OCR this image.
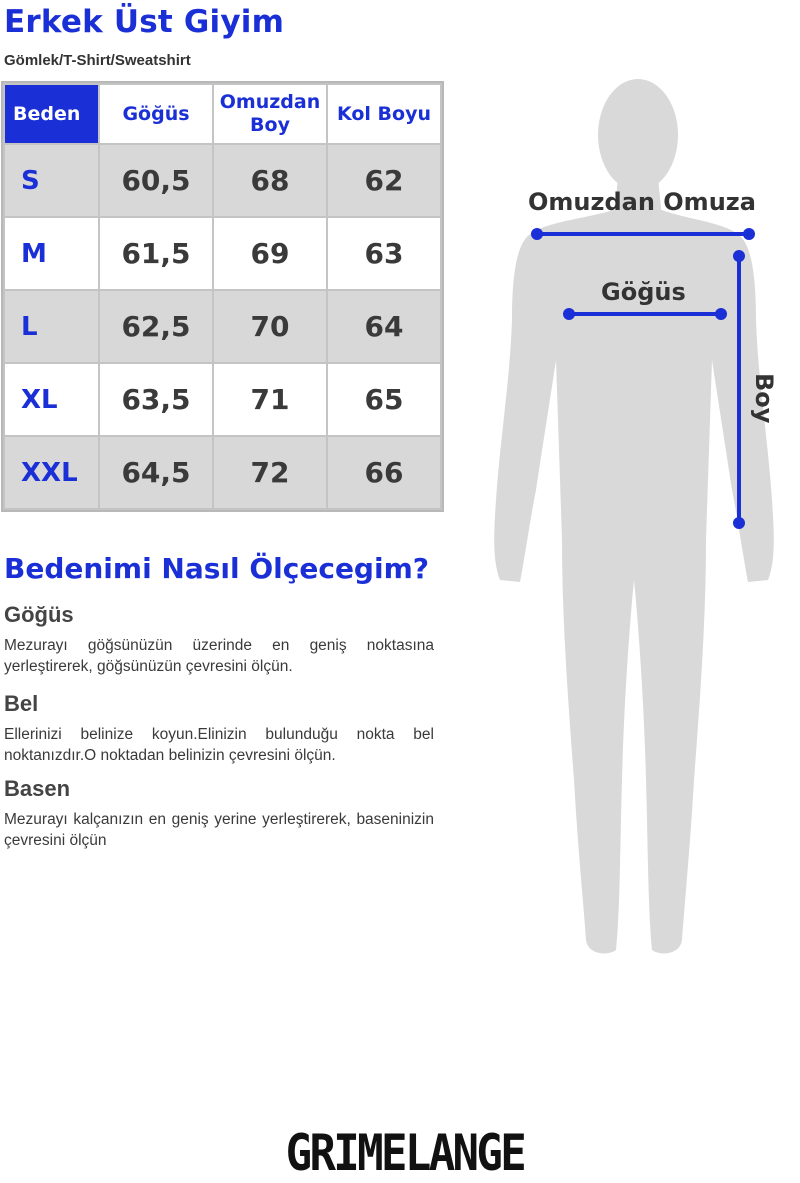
Erkek Üst Giyim
Gömlek/T-Shirt/Sweatshirt
Beden	Göğüs	Omuzdan Boy	Kol Boyu
S	60,5	68	62
M	61,5	69	63
L	62,5	70	64
XL	63,5	71	65
XXL	64,5	72	66
Bedenimi Nasıl Ölçecegim?
Göğüs

Mezurayı göğsünüzün üzerinde en geniş noktasına yerleştirerek, göğsünüzün çevresini ölçün.

Bel

Ellerinizi belinize koyun.Elinizin bulunduğu nokta bel noktanızdır.O noktadan belinizin çevresini ölçün.

Basen

Mezurayı kalçanızın en geniş yerine yerleştirerek, baseninizin çevresini ölçün

Omuzdan Omuza
Göğüs
Boy
GRIMELANGE
